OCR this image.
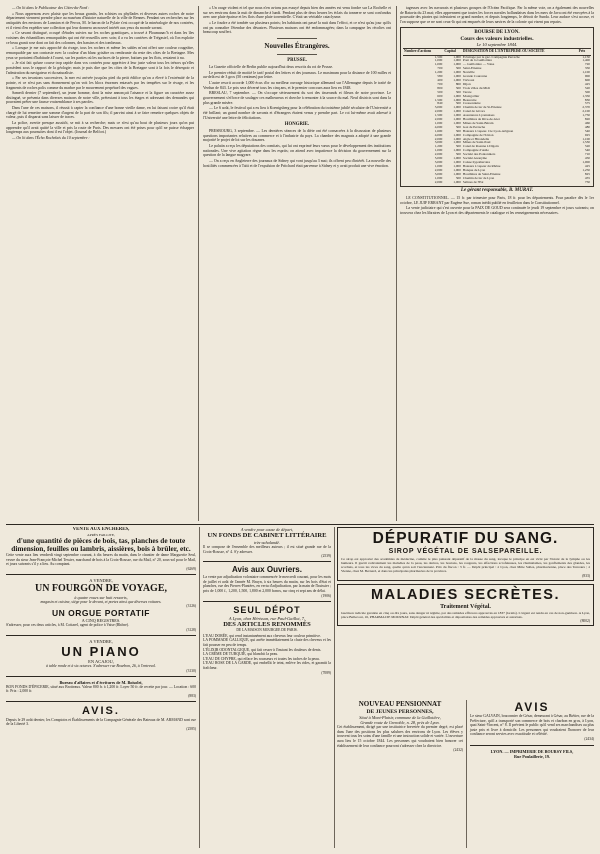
— On lit dans le Publicateur des Côtes-du-Nord :

« Nous apprenons avec plaisir que les beaux granits, les schistes ou phyllades et diverses autres roches de notre département viennent prendre place au muséum d'histoire naturelle de la ville de Rennes. Pendant ses recherches sur les antiquités des environs de Lannion et de Perros, M. le baron de la Pylaie s'est occupé de la minéralogie de nos contrées, et il vient d'en expédier une collection qui leur donnera un nouvel intérêt aux yeux du monde savant.

« Ce savant distingué, occupé d'études suivies sur les roches granitiques, a trouvé à Ploumanac'h et dans les îles voisines des échantillons remarquables qui ont été recueillis avec soin; il a vu les carrières de Trégastel, où l'on exploite ce beau granit rose dont on fait des colonnes, des bassins et des tombeaux.

« Lorsque je me suis approché du rivage, tous les rochers et même les sables m'ont offert une couleur rougeâtre, remarquable par son contraste avec la couleur d'un blanc grisâtre ou rembrunie du reste des côtes de la Bretagne. Mes yeux se portaient d'habitude à l'ouest, sur les parties où les surfaces de la pierre, battues par les flots, restaient à nu.

« Je n'ai fait qu'une course trop rapide dans vos contrées pour apprécier à leur juste valeur tous les trésors qu'elles possèdent sous le rapport de la géologie; mais je puis dire que les côtes de la Bretagne sont à la fois le désespoir et l'admiration du navigateur et du naturaliste.

« Par ses invasions successives, la mer est arrivée jusqu'au pied du petit édifice qu'on a élevé à l'extrémité de la pointe, et ce n'est pas sans étonnement qu'on voit les blocs énormes entassés par les tempêtes sur le rivage, et les fragments de roches polis comme du marbre par le mouvement perpétuel des vagues.

Samedi dernier (7 septembre), un jeune homme, dont la mise annonçait l'aisance et la figure un caractère assez distingué, se présenta dans diverses maisons de notre ville, prétextant à tous les étages et adressant des demandes qui pouvaient prêter une fausse vraisemblance à ses paroles.

Dans l'une de ces maisons, il réussit à capter la confiance d'une bonne vieille dame, en lui faisant croire qu'il était chargé de lui remettre une somme d'argent de la part de son fils; il parvint ainsi à se faire remettre quelques objets de valeur, puis il disparut sans laisser de traces.

La police, avertie presque aussitôt, se mit à sa recherche; mais ce n'est qu'au bout de plusieurs jours qu'on put apprendre qu'il avait quitté la ville et pris la route de Paris. Des mesures ont été prises pour qu'il ne puisse échapper longtemps aux poursuites dont il est l'objet. (Journal de Belfort.)

— On lit dans l'Écho Rochelais du 10 septembre :

« Un orage violent et tel que nous n'en avions pas essuyé depuis bien des années est venu fondre sur La Rochelle et sur ses environs dans la nuit de dimanche à lundi. Pendant plus de deux heures les éclats du tonnerre se sont confondus avec une pluie épaisse et les flots d'une pluie torrentielle. C'était un véritable cataclysme.

« Le foudre a été tombée sur plusieurs points; les habitants ont passé la nuit dans l'effroi, et ce n'est qu'au jour qu'ils ont pu connaître l'étendue des désastres. Plusieurs maisons ont été endommagées; dans la campagne les récoltes ont beaucoup souffert.

Nouvelles Étrangères.
PRUSSE.

La Gazette officielle de Berlin publie aujourd'hui deux rescrits du roi de Prusse.

Le premier réduit de moitié le tarif postal des lettres et des journaux. Le maximum pour la distance de 100 milles et au-delà est de 3 gros (50 centimes) par lettre.

L'autre rescrit accorde 1,000 écus d'or au meilleur ouvrage historique allemand sur l'Allemagne depuis le traité de Verdun de 843. Le prix sera décerné tous les cinq ans, et le premier concours aura lieu en 1848.

BRESLAU, 7 septembre. — On s'occupe sérieusement du sort des tisserands et fileurs de notre province. Le gouvernement s'efforce de soulager ces malheureux et cherche à remonter à la source du mal. Neuf districts sont dans la plus grande misère.

— Le 6 août, le festival qui a eu lieu à Koenigsberg pour la célébration du troisième jubilé séculaire de l'Université a été brillant; un grand nombre de savants et d'étrangers étaient venus y prendre part. Le roi lui-même avait adressé à l'Université une lettre de félicitations.

HONGRIE.

PRESBOURG, 3 septembre. — Les dernières séances de la diète ont été consacrées à la discussion de plusieurs questions importantes relatives au commerce et à l'industrie du pays. La chambre des magnats a adopté à une grande majorité le projet de loi sur les douanes.

Le palatin a reçu les députations des comitats, qui lui ont exprimé leurs vœux pour le développement des institutions nationales. Une vive agitation règne dans les esprits; on attend avec impatience la décision du gouvernement sur la question de la langue magyare.

— On a reçu en Angleterre des journaux de Sidney qui vont jusqu'au 3 mai; ils offrent peu d'intérêt. La nouvelle des hostilités commencées à Taïti et de l'expulsion de Pritchard était parvenue à Sidney et y avait produit une vive émotion.

tageuses avec les navarrais et plusieurs groupes de l'Océan Pacifique. Par la même voie, on a également des nouvelles de Batavia du 23 mai; elles apprennent que toutes les forces navales hollandaises dans les mers de Java ont été envoyées à la poursuite des pirates qui infestaient ce grand nombre, et depuis longtemps, le détroit de Sunda. Leur audace s'est accrue, et l'on suppose que ce ne sont ceux-là qui ont emparés de leurs navires de la colonie qui visent pas repairs.

BOURSE DE LYON.
Cours des valeurs industrielles.
Le 10 septembre 1844.
Nombre d'actions	Capital	DÉSIGNATION DE L'ENTREPRISE OU SOCIÉTÉ	Prix
1,500	1,000	Éclairage par le gaz. Compagnie Perrache	1,150
1,000	1,000	Pont de la Guillotière	1,400
1,000	1,000	— Guillotière — Vaise	720
700	500	Saint-Étienne	350
1,200	1,000	Neuville	1,100
580	1,000	Grande Couronne	900
400	1,000	Trévoux	600
700	800	Dijon	425
800	500	Trois villes du Midi	520
500	500	Tarare	500
600	1,000	Montgolfier	1,350
1,500	1,000	Beaucaire	830
840	500	Cressonnière	575
3,000	1,000	Chemin de fer de St-Étienne	2,370
2,000	1,000	Canal de Givors	2,100
1,500	1,000	Assurances Lyonnaises	1,750
2,000	1,000	Houillères de Rive-de-Gier	820
1,000	1,000	Mines de Saint-Bérain	460
4,000	500	Gaz de Perrache	480
1,600	500	Bateaux à vapeur. Cie Lyon-Avignon	540
4,000	1,000	Compagnie de l'Union	925
2,000	1,000	Aigle et Hirondelle	1,100
3,000	1,000	Mines de Saint-Paul	1,530
1,200	500	Canal de Roanne à Digoin	520
1,000	1,000	Compagnie d'Asile	540
2,000	500	Société des Pontonniers	710
5,000	1,000	Société Anonyme	450
3,000	1,000	Caisse hypothécaire	1,000
1,000	1,000	Bateaux à vapeur du Rhône	425
2,000	1,000	Banque de Lyon	1,250
3,000	1,000	Houillères de Saint-Étienne	825
1,000	500	Chemin de fer de Lyon	455
2,000	1,000	Salines de l'Est	750
Le gérant responsable, B. MURAT.

LE CONSTITUTIONNEL. — 15 fr. par trimestre pour Paris, 18 fr. pour les départements. Pour paraître dès le 1er octobre, LE JUIF ERRANT par Eugène Sue, roman inédit publié en feuilleton dans le Constitutionnel.

La vente judiciaire qui s'est ouverte pour la PAIX DE GOUD sera continuée le jeudi 19 septembre et jours suivants; on trouvera chez les libraires de Lyon et des départements le catalogue et les renseignements nécessaires.

VENTE AUX ENCHÈRES,
APRÈS FAILLITE,
d'une quantité de pièces de bois, tas, planches de toute dimension, feuilles ou lambris, aissières, bois à brûler, etc.
Cette vente aura lieu vendredi vingt septembre courant, à dix heures du matin, dans le chantier de dame Marguerite Seul, veuve du sieur Jean-François-Michel Tessier, marchand de bois à la Croix-Rousse, rue du Mail, n° 20, sous-sol pour le Mail, et jours suivants s'il y a lieu. Au comptant.
(6269)
A VENDRE,
UN FOURGON DE VOYAGE,
à quatre roues sur huit ressorts,
magasin et cuisine, siège pour le devant, et portes ainsi que diverses voitures.
(3126)
UN ORGUE PORTATIF
A CINQ REGISTRES.
S'adresser, pour ces deux articles, à M. Cottarel, agent de police à Vaise (Rhône).
(3128)
A VENDRE,
UN PIANO
EN ACAJOU,
à table ronde et à six octaves. S'adresser rue Bourbon, 26, à l'entresol.
(3130)
Bureau d'affaires et d'écritures de M. Boisolei,
BON FONDS D'ÉPICERIE, situé aux Brotteaux. Valeur 800 fr. à 1,200 fr. Loyer 50 fr. de recette par jour. — Location : 600 fr. Prix : 2,000 fr.
(883)
AVIS.
Depuis le 29 août dernier, les Comptoirs et Établissements de la Compagnie Générale des Bateaux de M. ARMAND sont rue de la Liberté 3.
(2585)
A vendre pour cause de départ,
UN FONDS DE CABINET LITTÉRAIRE
très-achalandé.
Il se compose de l'ensemble des meilleurs auteurs ; il est situé grande rue de la Croix-Rousse, n° 4. S'y adresser.
(2539)
Avis aux Ouvriers.
La vente par adjudication volontaire commencée le mercredi courant, pour les mois de juillet et août de l'année M. Bruyn, à six heures du matin, sur les bois d'étai et planches, rue des Pierres-Plantées, en vertu d'adjudication, par la main de l'huissier ; prix de 1,000 f., 1,200, 1,500, 1,800 et 2,000 francs, sur cinq et sept ans de délai.
(1906)
SEUL DÉPOT
A Lyon, chez Hérisson, rue Paul-Gaillot, 7,
DES ARTICLES RENOMMÉS
DE LA MAISON MOURGEE DE PARIS.
L'EAU DORÉE, qui rend instantanément aux cheveux leur couleur primitive.
LA POMMADE GALLIQUE, qui arrête immédiatement la chute des cheveux et les fait pousser en peu de temps.
L'ÉLIXIR ODONTALGIQUE, qui fait cesser à l'instant les douleurs de dents.
LA CRÈME DE TURQUIE, qui blanchit la peau.
L'EAU DE CHYPRE, qui efface les rousseurs et toutes les taches de la peau.
L'EAU ROSE DE LA GARDE, qui embellit le teint, enlève les rides, et garantit la fraîcheur.
(7089)
DÉPURATIF DU SANG.
SIROP VÉGÉTAL DE SALSEPAREILLE.
Ce sirop est approuvé des académies de médecine, comme le plus puissant dépuratif de la masse du sang, lorsque le principe en est vicié par l'âcreté de la lymphe ou les humeurs. Il guérit radicalement les maladies de la peau, les dartres, les boutons, les rougeurs, les affections scrofuleuses, les rhumatismes, les gonflements des glandes, les scorbuts, et tous les vices du sang, quelle qu'en soit l'ancienneté. Prix du flacon : 3 fr. — Dépôt principal : à Lyon, chez Mme Salles, pharmacienne, place des Terreaux ; à Vienne, chez M. Bernard, et dans les principales pharmacies de la province.
(833)
MALADIES SECRÈTES.
Traitement Végétal.
Guérison radicale garantie en cinq ou dix jours, sans danger ni régime, par des remèdes efficaces approuvés en 1837 (Gratis). L'argent est rendu en cas de non-guérison. A Lyon, place Bellecour, 16, PHARMACIE MOURNAT. Dépôt général des spécialités et dépositaires des remèdes approuvés et autorisés.
(8002)
NOUVEAU PENSIONNAT
DE JEUNES PERSONNES,
Situé à Mont-Plaisir, commune de la Guillotière,
Grande route de Grenoble, n. 28, près de Lyon.
Cet établissement, dirigé par une institutrice brevetée du premier degré, est placé dans l'une des positions les plus salubres des environs de Lyon. Les élèves y trouvent tous les soins d'une famille et une instruction solide et variée. L'ouverture aura lieu le 15 octobre 1844. Les personnes qui voudraient bien honorer cet établissement de leur confiance pourront s'adresser chez la directrice.
(2432)
AVIS
Le sieur GALVAIN, braconnier de Gésar, demeurant à Gésar, au Biétier, rue de la Préfecture, qu'il a transporté son commerce de bois et charbon en gros, à Lyon, quai Saint-Vincent, n° 8. Il prévient le public qu'il vend ses marchandises au plus juste prix et livre à domicile. Les personnes qui voudraient l'honorer de leur confiance seront servies avec exactitude et célérité.
(2434)
LYON. — IMPRIMERIE DE BOURSY FILS,
Rue Poulaillerie, 19.
